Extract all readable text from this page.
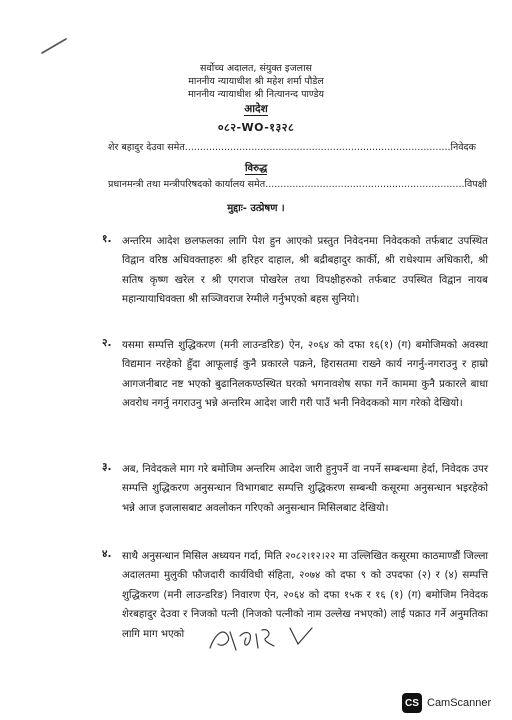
सर्वोच्च अदालत, संयुक्त इजलास
माननीय न्यायाधीश श्री महेश शर्मा पौडेल
माननीय न्यायाधीश श्री नित्यानन्द पाण्डेय
आदेश
०८२-WO-१३२८
शेर बहादुर देउवा समेत........................................................................................निवेदक
विरुद्ध
प्रधानमन्त्री तथा मन्त्रीपरिषदको कार्यालय समेत..................................................................विपक्षी
मुद्दाः- उत्प्रेषण ।
१. अन्तरिम आदेश छलफलका लागि पेश हुन आएको प्रस्तुत निवेदनमा निवेदकको तर्फबाट उपस्थित विद्वान वरिष्ठ अधिवक्ताहरुः श्री हरिहर दाहाल, श्री बद्रीबहादुर कार्की, श्री राधेश्याम अधिकारी, श्री सतिष कृष्ण खरेल र श्री एगराज पोखरेल तथा विपक्षीहरुको तर्फबाट उपस्थित विद्वान नायब महान्यायाधिवक्ता श्री सञ्जिवराज रेग्मीले गर्नुभएको बहस सुनियो।
२. यसमा सम्पत्ति शुद्धिकरण (मनी लाउन्डरिङ) ऐन, २०६४ को दफा १६(१) (ग) बमोजिमको अवस्था विद्यमान नरहेको हुँदा आफूलाई कुनै प्रकारले पक्रने, हिरासतमा राख्ने कार्य नगर्नु-नगराउनु र हाम्रो आगजनीबाट नष्ट भएको बुढानिलकण्ठस्थित घरको भगनावशेष सफा गर्ने काममा कुनै प्रकारले बाधा अवरोध नगर्नु नगराउनु भन्ने अन्तरिम आदेश जारी गरी पाउँ भनी निवेदकको माग गरेको देखियो।
३. अब, निवेदकले माग गरे बमोजिम अन्तरिम आदेश जारी हुनुपर्ने वा नपर्ने सम्बन्धमा हेर्दा, निवेदक उपर सम्पत्ति शुद्धिकरण अनुसन्धान विभागबाट सम्पत्ति शुद्धिकरण सम्बन्धी कसूरमा अनुसन्धान भइरहेको भन्ने आज इजलासबाट अवलोकन गरिएको अनुसन्धान मिसिलबाट देखियो।
४. साथै अनुसन्धान मिसिल अध्ययन गर्दा, मिति २०८२।१२।२२ मा उल्लिखित कसूरमा काठमाण्डौं जिल्ला अदालतमा मुलुकी फौजदारी कार्यविधी संहिता, २०७४ को दफा ९ को उपदफा (२) र (४) सम्पत्ति शुद्धिकरण (मनी लाउन्डरिङ) निवारण ऐन, २०६४ को दफा १५क र १६ (१) (ग) बमोजिम निवेदक शेरबहादुर देउवा र निजको पत्नी (निजको पत्नीको नाम उल्लेख नभएको) लाई पक्राउ गर्ने अनुमतिका लागि माग भएको
CS CamScanner
